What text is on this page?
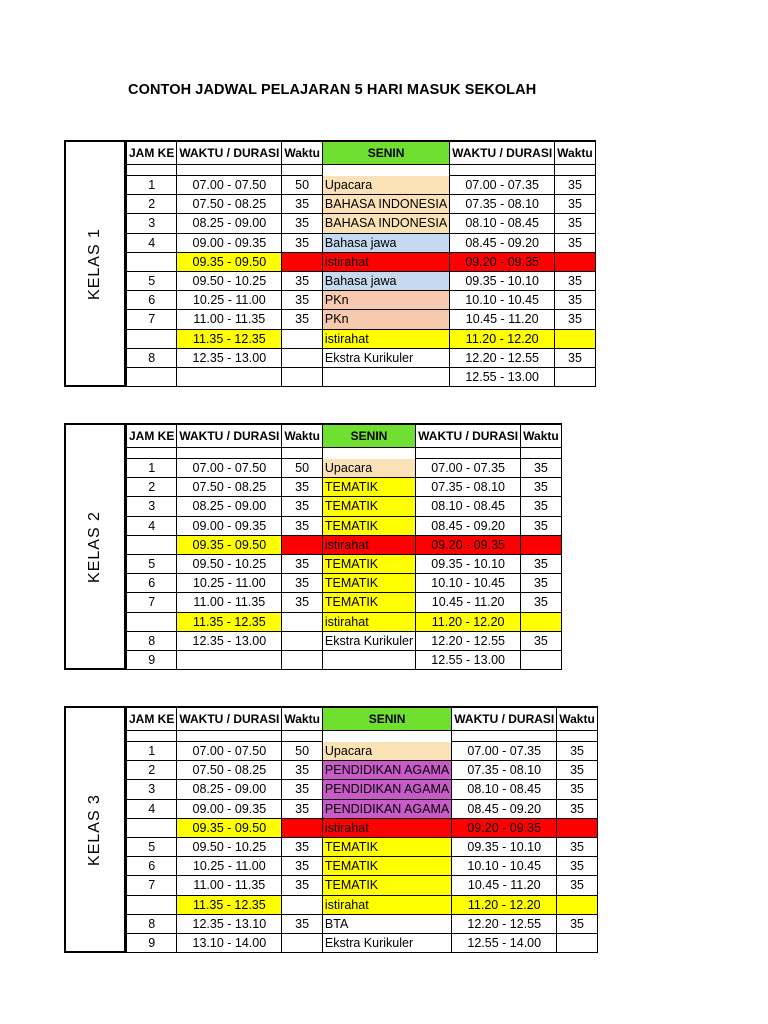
CONTOH JADWAL PELAJARAN 5 HARI MASUK SEKOLAH
JAM KE	WAKTU / DURASI	Waktu	SENIN	WAKTU / DURASI	Waktu

1	07.00 - 07.50	50	Upacara	07.00 - 07.35	35
2	07.50 - 08.25	35	BAHASA INDONESIA	07.35 - 08.10	35
3	08.25 - 09.00	35	BAHASA INDONESIA	08.10 - 08.45	35
4	09.00 - 09.35	35	Bahasa jawa	08.45 - 09.20	35
	09.35 - 09.50		istirahat	09.20 - 09.35	
5	09.50 - 10.25	35	Bahasa jawa	09.35 - 10.10	35
6	10.25 - 11.00	35	PKn	10.10 - 10.45	35
7	11.00 - 11.35	35	PKn	10.45 - 11.20	35
	11.35 - 12.35		istirahat	11.20 - 12.20	
8	12.35 - 13.00		Ekstra Kurikuler	12.20 - 12.55	35
				12.55 - 13.00	
KELAS 1
JAM KE	WAKTU / DURASI	Waktu	SENIN	WAKTU / DURASI	Waktu

1	07.00 - 07.50	50	Upacara	07.00 - 07.35	35
2	07.50 - 08.25	35	TEMATIK	07.35 - 08.10	35
3	08.25 - 09.00	35	TEMATIK	08.10 - 08.45	35
4	09.00 - 09.35	35	TEMATIK	08.45 - 09.20	35
	09.35 - 09.50		istirahat	09.20 - 09.35	
5	09.50 - 10.25	35	TEMATIK	09.35 - 10.10	35
6	10.25 - 11.00	35	TEMATIK	10.10 - 10.45	35
7	11.00 - 11.35	35	TEMATIK	10.45 - 11.20	35
	11.35 - 12.35		istirahat	11.20 - 12.20	
8	12.35 - 13.00		Ekstra Kurikuler	12.20 - 12.55	35
9				12.55 - 13.00	
KELAS 2
JAM KE	WAKTU / DURASI	Waktu	SENIN	WAKTU / DURASI	Waktu

1	07.00 - 07.50	50	Upacara	07.00 - 07.35	35
2	07.50 - 08.25	35	PENDIDIKAN AGAMA	07.35 - 08.10	35
3	08.25 - 09.00	35	PENDIDIKAN AGAMA	08.10 - 08.45	35
4	09.00 - 09.35	35	PENDIDIKAN AGAMA	08.45 - 09.20	35
	09.35 - 09.50		istirahat	09.20 - 09.35	
5	09.50 - 10.25	35	TEMATIK	09.35 - 10.10	35
6	10.25 - 11.00	35	TEMATIK	10.10 - 10.45	35
7	11.00 - 11.35	35	TEMATIK	10.45 - 11.20	35
	11.35 - 12.35		istirahat	11.20 - 12.20	
8	12.35 - 13.10	35	BTA	12.20 - 12.55	35
9	13.10 - 14.00		Ekstra Kurikuler	12.55 - 14.00	
KELAS 3
